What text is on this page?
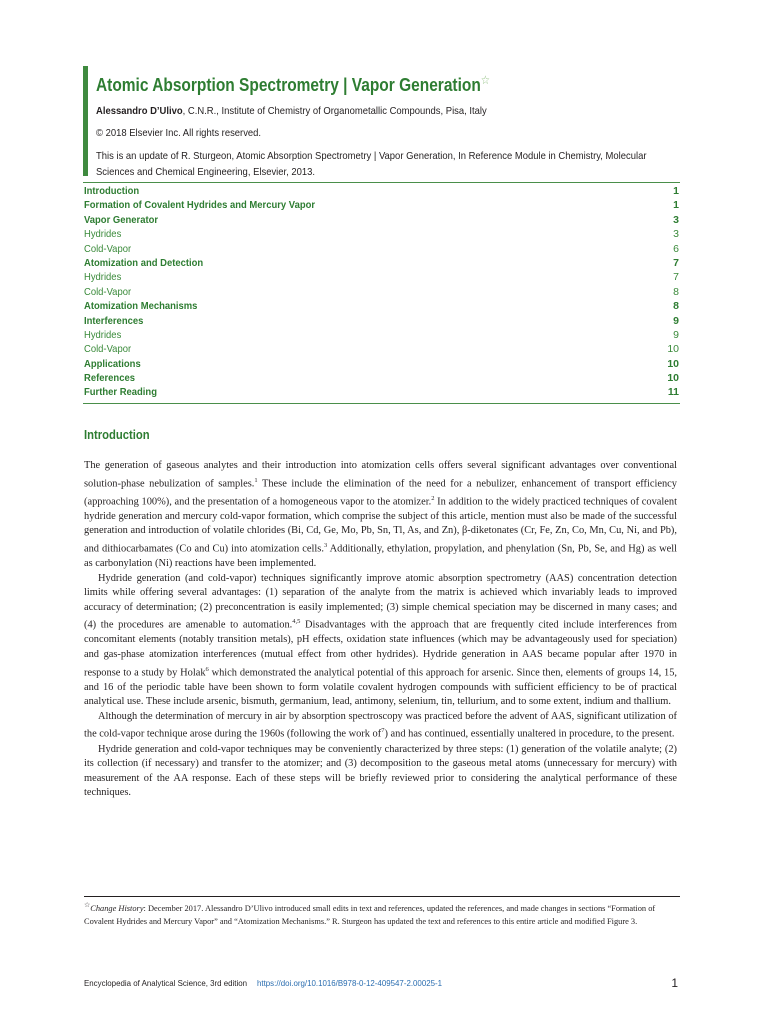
Atomic Absorption Spectrometry | Vapor Generation☆
Alessandro D’Ulivo, C.N.R., Institute of Chemistry of Organometallic Compounds, Pisa, Italy
© 2018 Elsevier Inc. All rights reserved.
This is an update of R. Sturgeon, Atomic Absorption Spectrometry | Vapor Generation, In Reference Module in Chemistry, Molecular Sciences and Chemical Engineering, Elsevier, 2013.
Introduction	1
Formation of Covalent Hydrides and Mercury Vapor	1
Vapor Generator	3
Hydrides	3
Cold-Vapor	6
Atomization and Detection	7
Hydrides	7
Cold-Vapor	8
Atomization Mechanisms	8
Interferences	9
Hydrides	9
Cold-Vapor	10
Applications	10
References	10
Further Reading	11
Introduction

The generation of gaseous analytes and their introduction into atomization cells offers several significant advantages over conventional solution-phase nebulization of samples.$^1$ These include the elimination of the need for a nebulizer, enhancement of transport efficiency (approaching 100%), and the presentation of a homogeneous vapor to the atomizer.$^2$ In addition to the widely practiced techniques of covalent hydride generation and mercury cold-vapor formation, which comprise the subject of this article, mention must also be made of the successful generation and introduction of volatile chlorides (Bi, Cd, Ge, Mo, Pb, Sn, Tl, As, and Zn), β-diketonates (Cr, Fe, Zn, Co, Mn, Cu, Ni, and Pb), and dithiocarbamates (Co and Cu) into atomization cells.$^3$ Additionally, ethylation, propylation, and phenylation (Sn, Pb, Se, and Hg) as well as carbonylation (Ni) reactions have been implemented.

Hydride generation (and cold-vapor) techniques significantly improve atomic absorption spectrometry (AAS) concentration detection limits while offering several advantages: (1) separation of the analyte from the matrix is achieved which invariably leads to improved accuracy of determination; (2) preconcentration is easily implemented; (3) simple chemical speciation may be discerned in many cases; and (4) the procedures are amenable to automation.$^{4,5}$ Disadvantages with the approach that are frequently cited include interferences from concomitant elements (notably transition metals), pH effects, oxidation state influences (which may be advantageously used for speciation) and gas-phase atomization interferences (mutual effect from other hydrides). Hydride generation in AAS became popular after 1970 in response to a study by Holak$^6$ which demonstrated the analytical potential of this approach for arsenic. Since then, elements of groups 14, 15, and 16 of the periodic table have been shown to form volatile covalent hydrogen compounds with sufficient efficiency to be of practical analytical use. These include arsenic, bismuth, germanium, lead, antimony, selenium, tin, tellurium, and to some extent, indium and thallium.

Although the determination of mercury in air by absorption spectroscopy was practiced before the advent of AAS, significant utilization of the cold-vapor technique arose during the 1960s (following the work $of^7$) and has continued, essentially unaltered in procedure, to the present.

Hydride generation and cold-vapor techniques may be conveniently characterized by three steps: (1) generation of the volatile analyte; (2) its collection (if necessary) and transfer to the atomizer; and (3) decomposition to the gaseous metal atoms (unnecessary for mercury) with measurement of the AA response. Each of these steps will be briefly reviewed prior to considering the analytical performance of these techniques.

☆Change History: December 2017. Alessandro D’Ulivo introduced small edits in text and references, updated the references, and made changes in sections “Formation of Covalent Hydrides and Mercury Vapor” and “Atomization Mechanisms.” R. Sturgeon has updated the text and references to this entire article and modified Figure 3.
Encyclopedia of Analytical Science, 3rd edition https://doi.org/10.1016/B978-0-12-409547-2.00025-1	1
